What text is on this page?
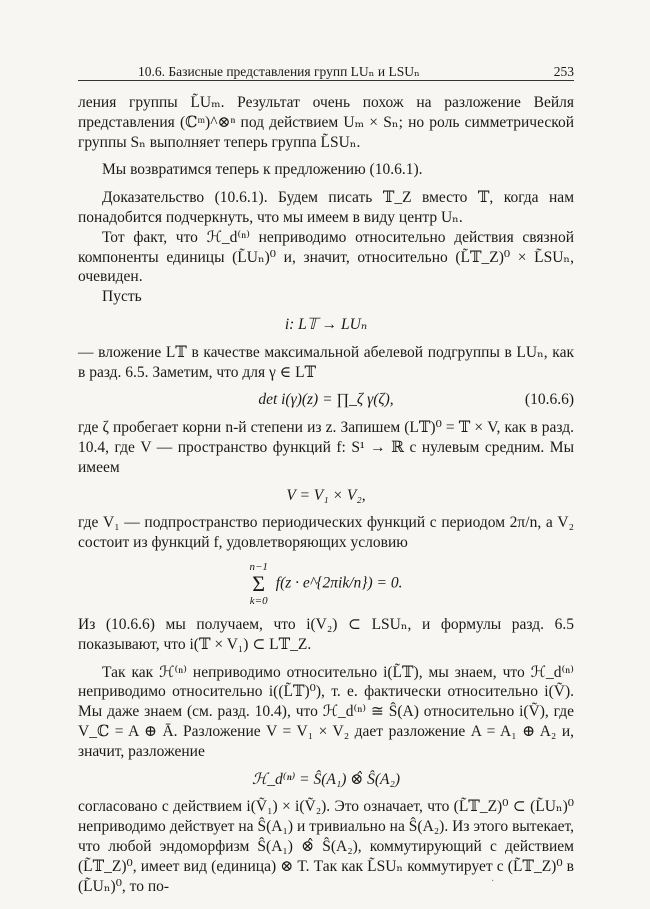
10.6. Базисные представления групп LUₙ и LSUₙ	253

ления группы L̃Uₘ. Результат очень похож на разложение Вейля представления (ℂᵐ)^⊗ⁿ под действием Uₘ × Sₙ; но роль симметрической группы Sₙ выполняет теперь группа L̃SUₙ.

Мы возвратимся теперь к предложению (10.6.1).

Доказательство (10.6.1). Будем писать 𝕋_Z вместо 𝕋, когда нам понадобится подчеркнуть, что мы имеем в виду центр Uₙ.

Тот факт, что ℋ_d⁽ⁿ⁾ неприводимо относительно действия связной компоненты единицы (L̃Uₙ)⁰ и, значит, относительно (L̃𝕋_Z)⁰ × L̃SUₙ, очевиден.

Пусть

i: L𝕋 → LUₙ

— вложение L𝕋 в качестве максимальной абелевой подгруппы в LUₙ, как в разд. 6.5. Заметим, что для γ ∈ L𝕋

det i(γ)(z) = ∏_ζ γ(ζ),	(10.6.6)

где ζ пробегает корни n-й степени из z. Запишем (L𝕋)⁰ = 𝕋 × V, как в разд. 10.4, где V — пространство функций f: S¹ → ℝ с нулевым средним. Мы имеем

V = V₁ × V₂,

где V₁ — подпространство периодических функций с периодом 2π/n, а V₂ состоит из функций f, удовлетворяющих условию

n−1
Σ
k=0
f(z · e^{2πik/n}) = 0.

Из (10.6.6) мы получаем, что i(V₂) ⊂ LSUₙ, и формулы разд. 6.5 показывают, что i(𝕋 × V₁) ⊂ L𝕋_Z.

Так как ℋ⁽ⁿ⁾ неприводимо относительно i(L̃𝕋), мы знаем, что ℋ_d⁽ⁿ⁾ неприводимо относительно i((L̃𝕋)⁰), т. е. фактически относительно i(Ṽ). Мы даже знаем (см. разд. 10.4), что ℋ_d⁽ⁿ⁾ ≅ Ŝ(A) относительно i(Ṽ), где V_ℂ = A ⊕ Ā. Разложение V = V₁ × V₂ дает разложение A = A₁ ⊕ A₂ и, значит, разложение

ℋ_d⁽ⁿ⁾ = Ŝ(A₁) ⊗̂ Ŝ(A₂)

согласовано с действием i(Ṽ₁) × i(Ṽ₂). Это означает, что (L̃𝕋_Z)⁰ ⊂ (L̃Uₙ)⁰ неприводимо действует на Ŝ(A₁) и тривиально на Ŝ(A₂). Из этого вытекает, что любой эндоморфизм Ŝ(A₁) ⊗̂ Ŝ(A₂), коммутирующий с действием (L̃𝕋_Z)⁰, имеет вид (единица) ⊗ T. Так как L̃SUₙ коммутирует с (L̃𝕋_Z)⁰ в (L̃Uₙ)⁰, то по-	·
